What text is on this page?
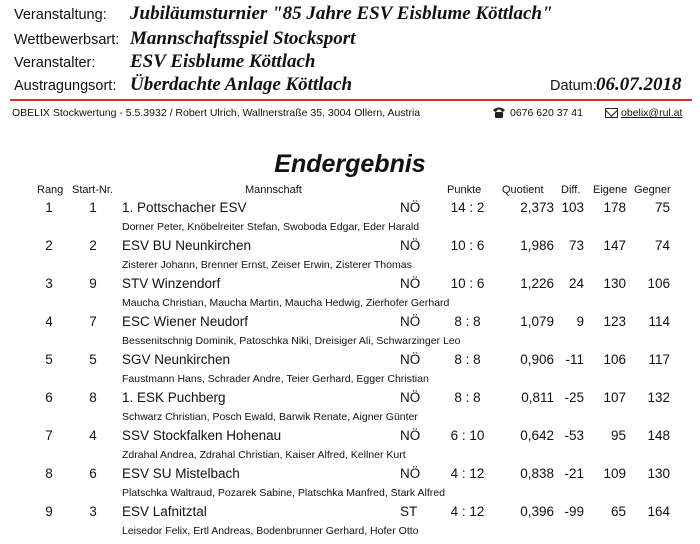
Veranstaltung: Jubiläumsturnier "85 Jahre ESV Eisblume Köttlach"
Wettbewerbsart: Mannschaftsspiel Stocksport
Veranstalter: ESV Eisblume Köttlach
Austragungsort: Überdachte Anlage Köttlach	Datum: 06.07.2018
OBELIX Stockwertung - 5.5.3932 / Robert Ulrich, Wallnerstraße 35, 3004 Ollern, Austria	0676 620 37 41	obelix@rul.at
Endergebnis
Rang Start-Nr.	Mannschaft	Punkte Quotient Diff. Eigene Gegner
1	1	1. Pottschacher ESV	NÖ	14 : 2	2,373 103	178	75
Dorner Peter, Knöbelreiter Stefan, Swoboda Edgar, Eder Harald
2	2	ESV BU Neunkirchen	NÖ	10 : 6	1,986	73	147	74
Zisterer Johann, Brenner Ernst, Zeiser Erwin, Zisterer Thomas
3	9	STV Winzendorf	NÖ	10 : 6	1,226	24	130	106
Maucha Christian, Maucha Martin, Maucha Hedwig, Zierhofer Gerhard
4	7	ESC Wiener Neudorf	NÖ	8 : 8	1,079	9	123	114
Bessenitschnig Dominik, Patoschka Niki, Dreisiger Ali, Schwarzinger Leo
5	5	SGV Neunkirchen	NÖ	8 : 8	0,906 -11	106	117
Faustmann Hans, Schrader Andre, Teier Gerhard, Egger Christian
6	8	1. ESK Puchberg	NÖ	8 : 8	0,811 -25	107	132
Schwarz Christian, Posch Ewald, Barwik Renate, Aigner Günter
7	4	SSV Stockfalken Hohenau	NÖ	6 : 10	0,642 -53	95	148
Zdrahal Andrea, Zdrahal Christian, Kaiser Alfred, Kellner Kurt
8	6	ESV SU Mistelbach	NÖ	4 : 12	0,838 -21	109	130
Platschka Waltraud, Pozarek Sabine, Platschka Manfred, Stark Alfred
9	3	ESV Lafnitztal	ST	4 : 12	0,396 -99	65	164
Leisedor Felix, Ertl Andreas, Bodenbrunner Gerhard, Hofer Otto
